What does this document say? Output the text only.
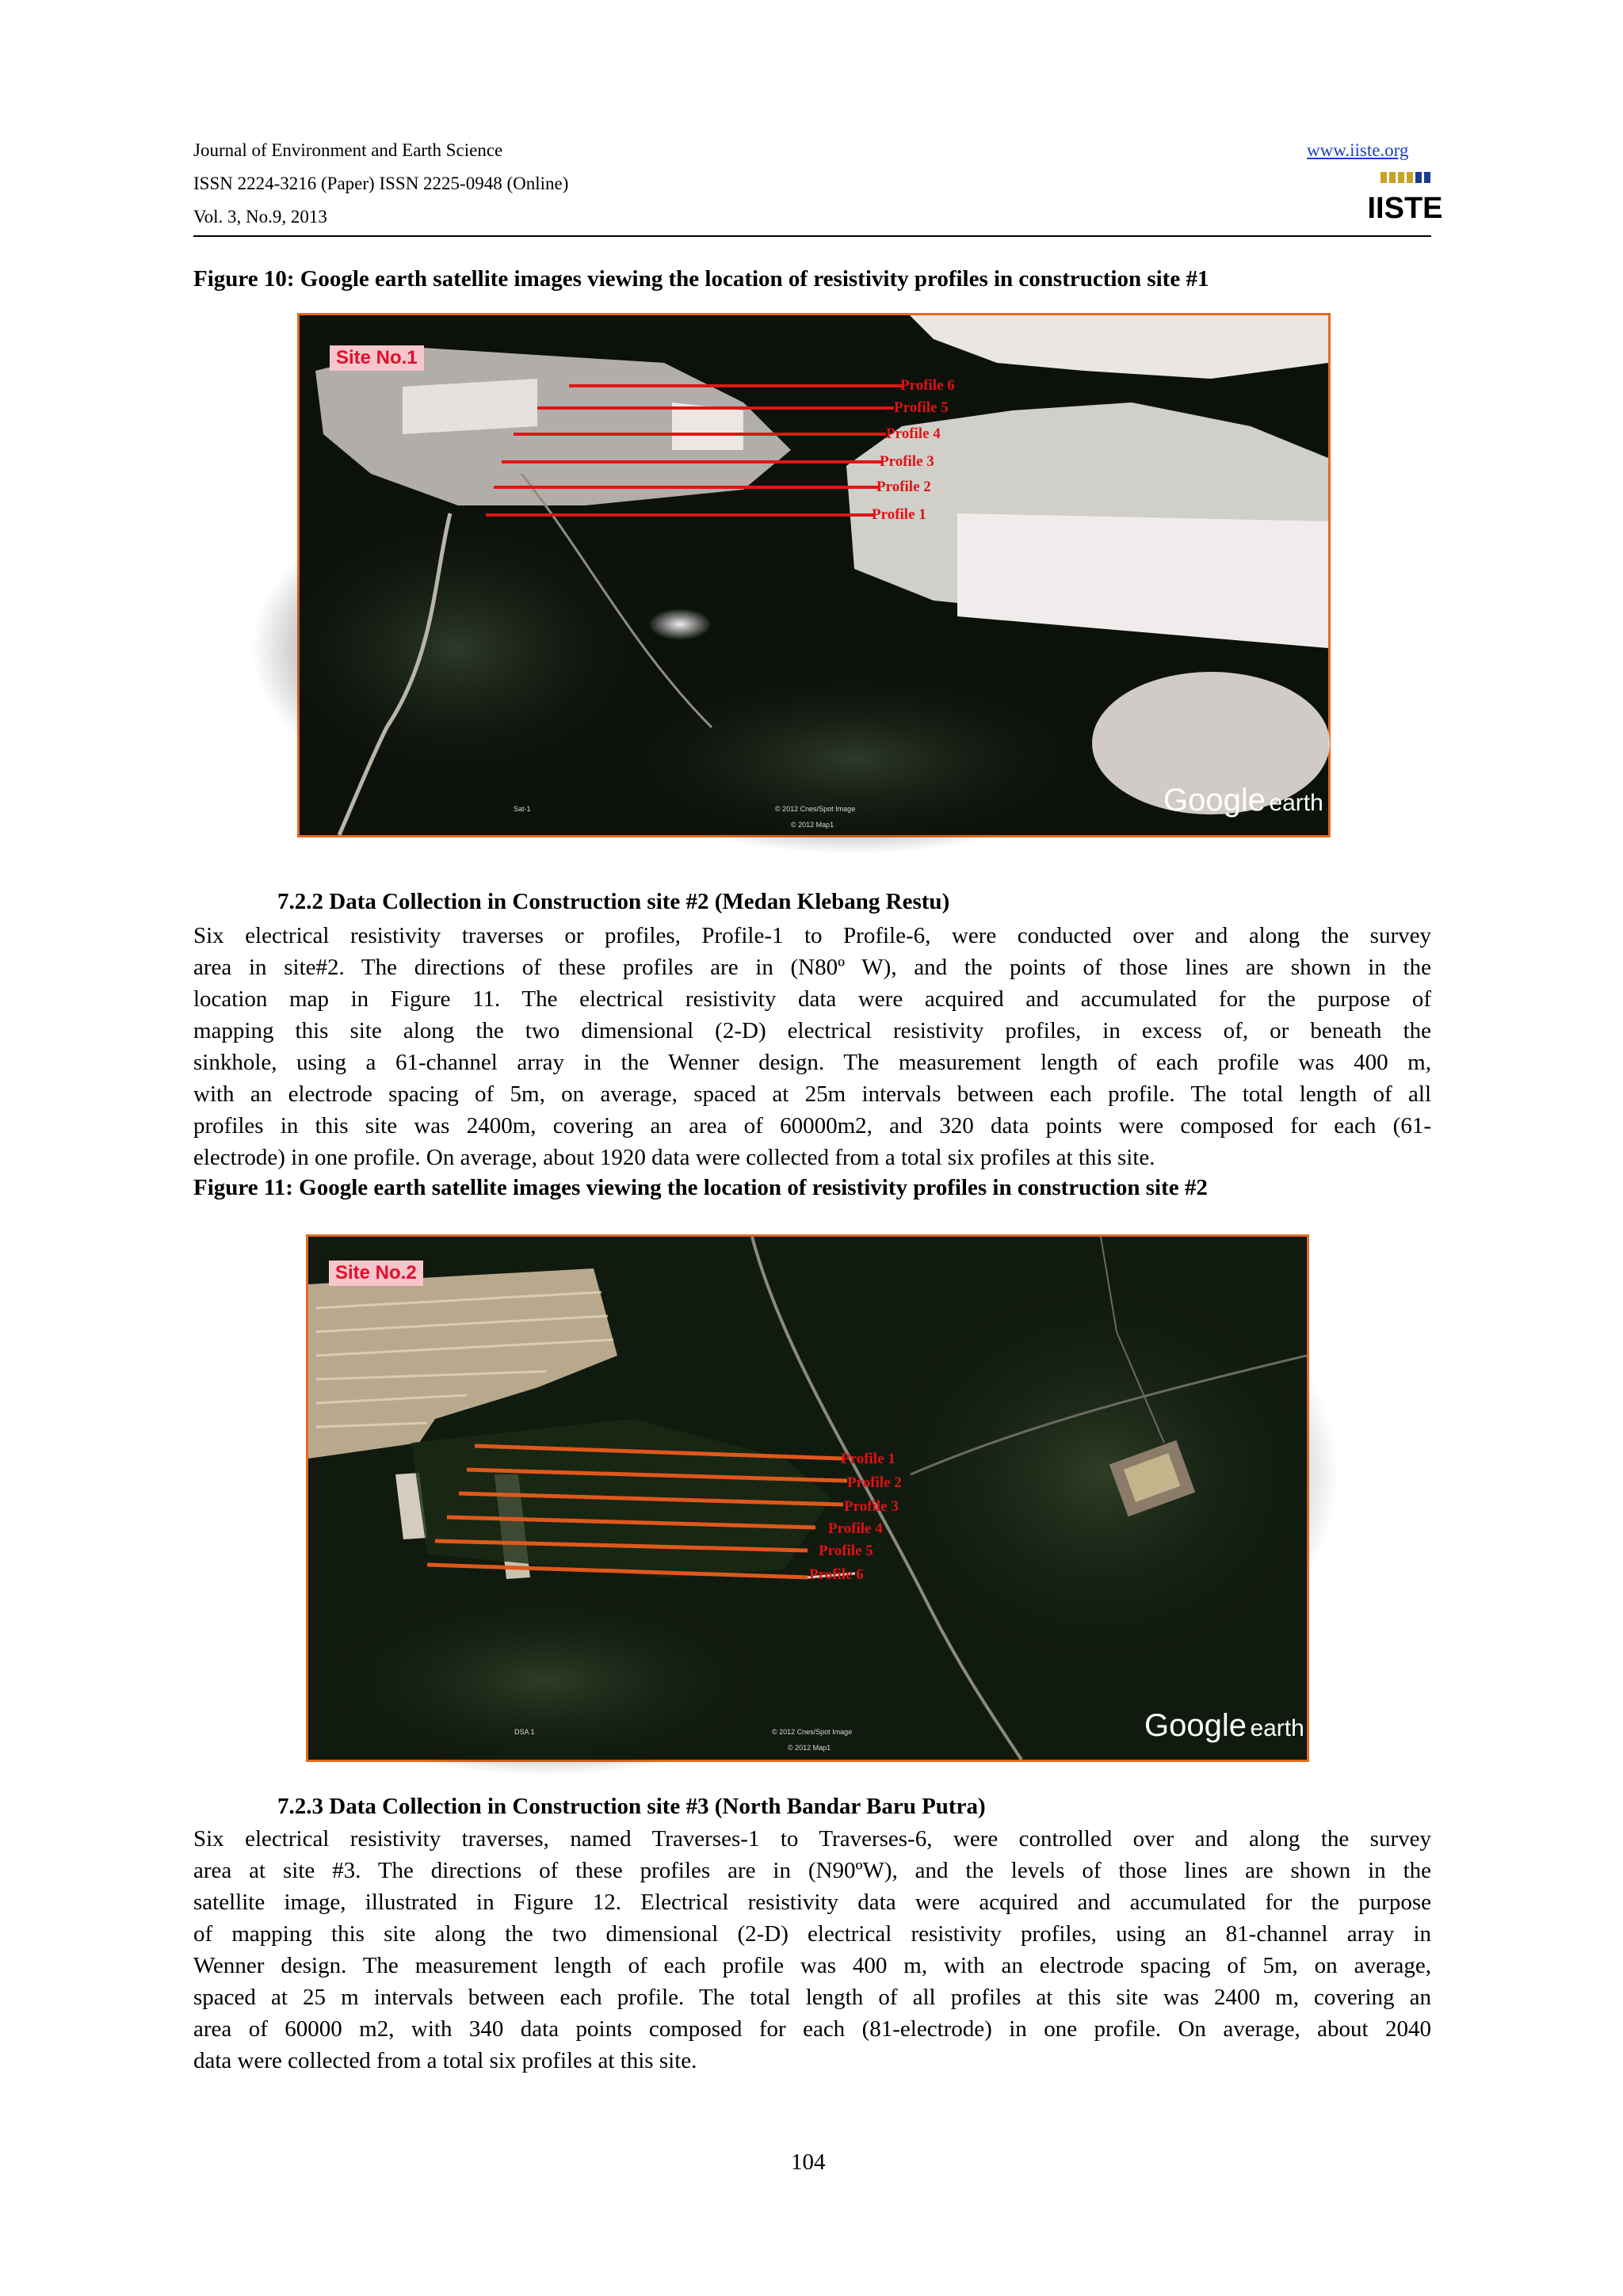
Journal of Environment and Earth Science
ISSN 2224-3216 (Paper) ISSN 2225-0948 (Online)
Vol. 3, No.9, 2013
www.iiste.org
IISTE
Figure 10: Google earth satellite images viewing the location of resistivity profiles in construction site #1
Site No.1
Profile 6
Profile 5
Profile 4
Profile 3
Profile 2
Profile 1
Google earth
Sat-1	© 2012 Cnes/Spot Image
© 2012 Map1
7.2.2 Data Collection in Construction site #2 (Medan Klebang Restu)
Six electrical resistivity traverses or profiles, Profile-1 to Profile-6, were conducted over and along the survey
area in site#2. The directions of these profiles are in (N80º W), and the points of those lines are shown in the
location map in Figure 11. The electrical resistivity data were acquired and accumulated for the purpose of
mapping this site along the two dimensional (2-D) electrical resistivity profiles, in excess of, or beneath the
sinkhole, using a 61-channel array in the Wenner design. The measurement length of each profile was 400 m,
with an electrode spacing of 5m, on average, spaced at 25m intervals between each profile. The total length of all
profiles in this site was 2400m, covering an area of 60000m2, and 320 data points were composed for each (61-
electrode) in one profile. On average, about 1920 data were collected from a total six profiles at this site.
Figure 11: Google earth satellite images viewing the location of resistivity profiles in construction site #2
Site No.2
Profile 1
Profile 2
Profile 3
Profile 4
Profile 5
Profile 6
Google earth
DSA 1	© 2012 Cnes/Spot Image
© 2012 Map1
7.2.3 Data Collection in Construction site #3 (North Bandar Baru Putra)
Six electrical resistivity traverses, named Traverses-1 to Traverses-6, were controlled over and along the survey
area at site #3. The directions of these profiles are in (N90ºW), and the levels of those lines are shown in the
satellite image, illustrated in Figure 12. Electrical resistivity data were acquired and accumulated for the purpose
of mapping this site along the two dimensional (2-D) electrical resistivity profiles, using an 81-channel array in
Wenner design. The measurement length of each profile was 400 m, with an electrode spacing of 5m, on average,
spaced at 25 m intervals between each profile. The total length of all profiles at this site was 2400 m, covering an
area of 60000 m2, with 340 data points composed for each (81-electrode) in one profile. On average, about 2040
data were collected from a total six profiles at this site.
104
